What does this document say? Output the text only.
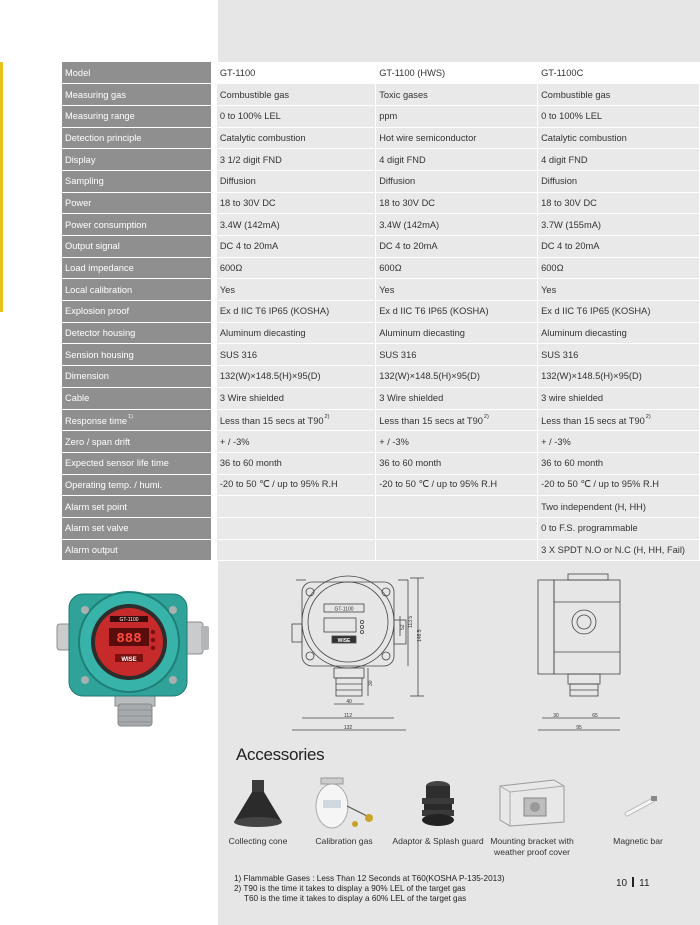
Model	GT-1100	GT-1100 (HWS)	GT-1100C
Measuring gas	Combustible gas	Toxic gases	Combustible gas
Measuring range	0 to 100% LEL	ppm	0 to 100% LEL
Detection principle	Catalytic combustion	Hot wire semiconductor	Catalytic combustion
Display	3 1/2 digit FND	4 digit FND	4 digit FND
Sampling	Diffusion	Diffusion	Diffusion
Power	18 to 30V DC	18 to 30V DC	18 to 30V DC
Power consumption	3.4W (142mA)	3.4W (142mA)	3.7W (155mA)
Output signal	DC 4 to 20mA	DC 4 to 20mA	DC 4 to 20mA
Load impedance	600Ω	600Ω	600Ω
Local calibration	Yes	Yes	Yes
Explosion proof	Ex d IIC T6 IP65 (KOSHA)	Ex d IIC T6 IP65 (KOSHA)	Ex d IIC T6 IP65 (KOSHA)
Detector housing	Aluminum diecasting	Aluminum diecasting	Aluminum diecasting
Sension housing	SUS 316	SUS 316	SUS 316
Dimension	132(W)×148.5(H)×95(D)	132(W)×148.5(H)×95(D)	132(W)×148.5(H)×95(D)
Cable	3 Wire shielded	3 Wire shielded	3 wire shielded
Response time$^{1)}$	Less than 15 secs at T90$^{2)}$	Less than 15 secs at T90$^{2)}$	Less than 15 secs at T90$^{2)}$
Zero / span drift	+ / -3%	+ / -3%	+ / -3%
Expected sensor life time	36 to 60 month	36 to 60 month	36 to 60 month
Operating temp. / humi.	-20 to 50 ℃ / up to 95% R.H	-20 to 50 ℃ / up to 95% R.H	-20 to 50 ℃ / up to 95% R.H
Alarm set point			Two independent (H, HH)
Alarm set valve			0 to F.S. programmable
Alarm output			3 X SPDT N.O or N.C (H, HH, Fail)
GT-1100
888
WISE
GT-1100
WISE	148.5
113.5
52
30
40
112
132
30	65
95
Accessories
Collecting cone	Calibration gas	Adaptor & Splash guard Mounting bracket with weather proof cover
Magnetic bar
1) Flammable Gases : Less Than 12 Seconds at T60(KOSHA P-135-2013)
2) T90 is the time it takes to display a 90% LEL of the target gas
T60 is the time it takes to display a 60% LEL of the target gas
10 11
